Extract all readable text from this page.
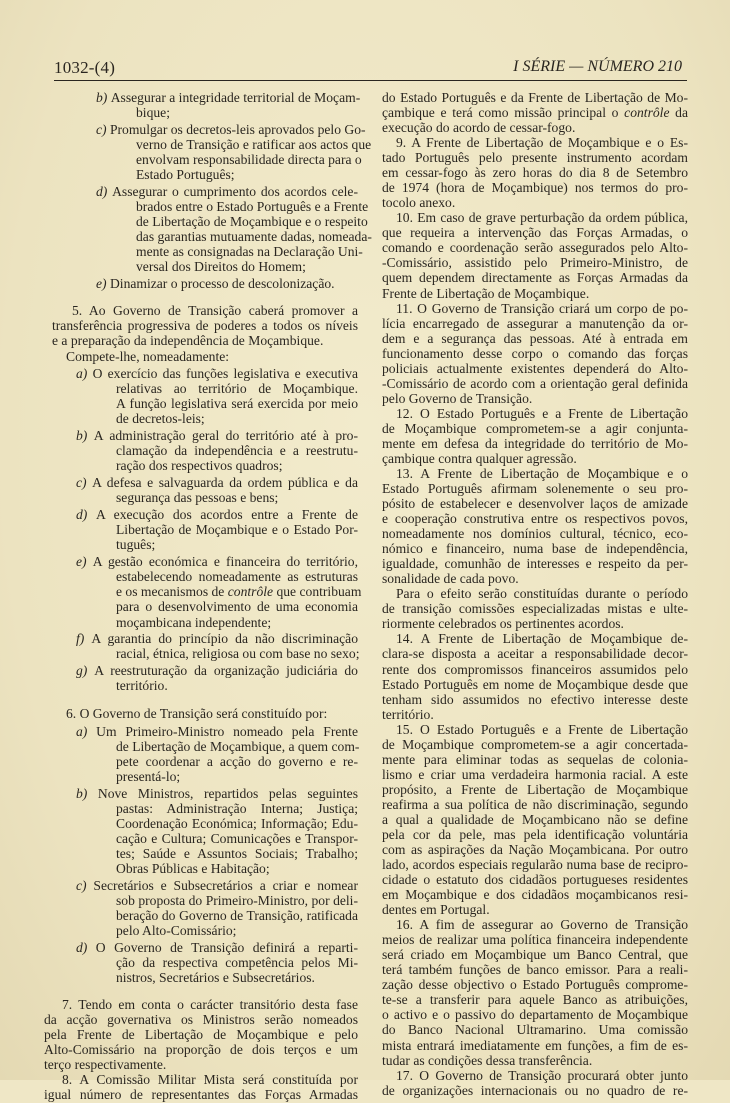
1032-(4)	I SÉRIE — NÚMERO 210
b) Assegurar a integridade territorial de Moçam-
bique;
c) Promulgar os decretos-leis aprovados pelo Go-
verno de Transição e ratificar aos actos que
envolvam responsabilidade directa para o
Estado Português;
d) Assegurar o cumprimento dos acordos cele-
brados entre o Estado Português e a Frente
de Libertação de Moçambique e o respeito
das garantias mutuamente dadas, nomeada-
mente as consignadas na Declaração Uni-
versal dos Direitos do Homem;
e) Dinamizar o processo de descolonização.
5. Ao Governo de Transição caberá promover a
transferência progressiva de poderes a todos os níveis
e a preparação da independência de Moçambique.
Compete-lhe, nomeadamente:
a) O exercício das funções legislativa e executiva
relativas ao território de Moçambique.
A função legislativa será exercida por meio
de decretos-leis;
b) A administração geral do território até à pro-
clamação da independência e a reestrutu-
ração dos respectivos quadros;
c) A defesa e salvaguarda da ordem pública e da
segurança das pessoas e bens;
d) A execução dos acordos entre a Frente de
Libertação de Moçambique e o Estado Por-
tuguês;
e) A gestão económica e financeira do território,
estabelecendo nomeadamente as estruturas
e os mecanismos de contrôle que contribuam
para o desenvolvimento de uma economia
moçambicana independente;
f) A garantia do princípio da não discriminação
racial, étnica, religiosa ou com base no sexo;
g) A reestruturação da organização judiciária do
território.
6. O Governo de Transição será constituído por:
a) Um Primeiro-Ministro nomeado pela Frente
de Libertação de Moçambique, a quem com-
pete coordenar a acção do governo e re-
presentá-lo;
b) Nove Ministros, repartidos pelas seguintes
pastas: Administração Interna; Justiça;
Coordenação Económica; Informação; Edu-
cação e Cultura; Comunicações e Transpor-
tes; Saúde e Assuntos Sociais; Trabalho;
Obras Públicas e Habitação;
c) Secretários e Subsecretários a criar e nomear
sob proposta do Primeiro-Ministro, por deli-
beração do Governo de Transição, ratificada
pelo Alto-Comissário;
d) O Governo de Transição definirá a reparti-
ção da respectiva competência pelos Mi-
nistros, Secretários e Subsecretários.
7. Tendo em conta o carácter transitório desta fase
da acção governativa os Ministros serão nomeados
pela Frente de Libertação de Moçambique e pelo
Alto-Comissário na proporção de dois terços e um
terço respectivamente.
8. A Comissão Militar Mista será constituída por
igual número de representantes das Forças Armadas
do Estado Português e da Frente de Libertação de Mo-
çambique e terá como missão principal o contrôle da
execução do acordo de cessar-fogo.
9. A Frente de Libertação de Moçambique e o Es-
tado Português pelo presente instrumento acordam
em cessar-fogo às zero horas do dia 8 de Setembro
de 1974 (hora de Moçambique) nos termos do pro-
tocolo anexo.
10. Em caso de grave perturbação da ordem pública,
que requeira a intervenção das Forças Armadas, o
comando e coordenação serão assegurados pelo Alto-
-Comissário, assistido pelo Primeiro-Ministro, de
quem dependem directamente as Forças Armadas da
Frente de Libertação de Moçambique.
11. O Governo de Transição criará um corpo de po-
lícia encarregado de assegurar a manutenção da or-
dem e a segurança das pessoas. Até à entrada em
funcionamento desse corpo o comando das forças
policiais actualmente existentes dependerá do Alto-
-Comissário de acordo com a orientação geral definida
pelo Governo de Transição.
12. O Estado Português e a Frente de Libertação
de Moçambique comprometem-se a agir conjunta-
mente em defesa da integridade do território de Mo-
çambique contra qualquer agressão.
13. A Frente de Libertação de Moçambique e o
Estado Português afirmam solenemente o seu pro-
pósito de estabelecer e desenvolver laços de amizade
e cooperação construtiva entre os respectivos povos,
nomeadamente nos domínios cultural, técnico, eco-
nómico e financeiro, numa base de independência,
igualdade, comunhão de interesses e respeito da per-
sonalidade de cada povo.
Para o efeito serão constituídas durante o período
de transição comissões especializadas mistas e ulte-
riormente celebrados os pertinentes acordos.
14. A Frente de Libertação de Moçambique de-
clara-se disposta a aceitar a responsabilidade decor-
rente dos compromissos financeiros assumidos pelo
Estado Português em nome de Moçambique desde que
tenham sido assumidos no efectivo interesse deste
território.
15. O Estado Português e a Frente de Libertação
de Moçambique comprometem-se a agir concertada-
mente para eliminar todas as sequelas de colonia-
lismo e criar uma verdadeira harmonia racial. A este
propósito, a Frente de Libertação de Moçambique
reafirma a sua política de não discriminação, segundo
a qual a qualidade de Moçambicano não se define
pela cor da pele, mas pela identificação voluntária
com as aspirações da Nação Moçambicana. Por outro
lado, acordos especiais regularão numa base de recipro-
cidade o estatuto dos cidadãos portugueses residentes
em Moçambique e dos cidadãos moçambicanos resi-
dentes em Portugal.
16. A fim de assegurar ao Governo de Transição
meios de realizar uma política financeira independente
será criado em Moçambique um Banco Central, que
terá também funções de banco emissor. Para a reali-
zação desse objectivo o Estado Português comprome-
te-se a transferir para aquele Banco as atribuições,
o activo e o passivo do departamento de Moçambique
do Banco Nacional Ultramarino. Uma comissão
mista entrará imediatamente em funções, a fim de es-
tudar as condições dessa transferência.
17. O Governo de Transição procurará obter junto
de organizações internacionais ou no quadro de re-
